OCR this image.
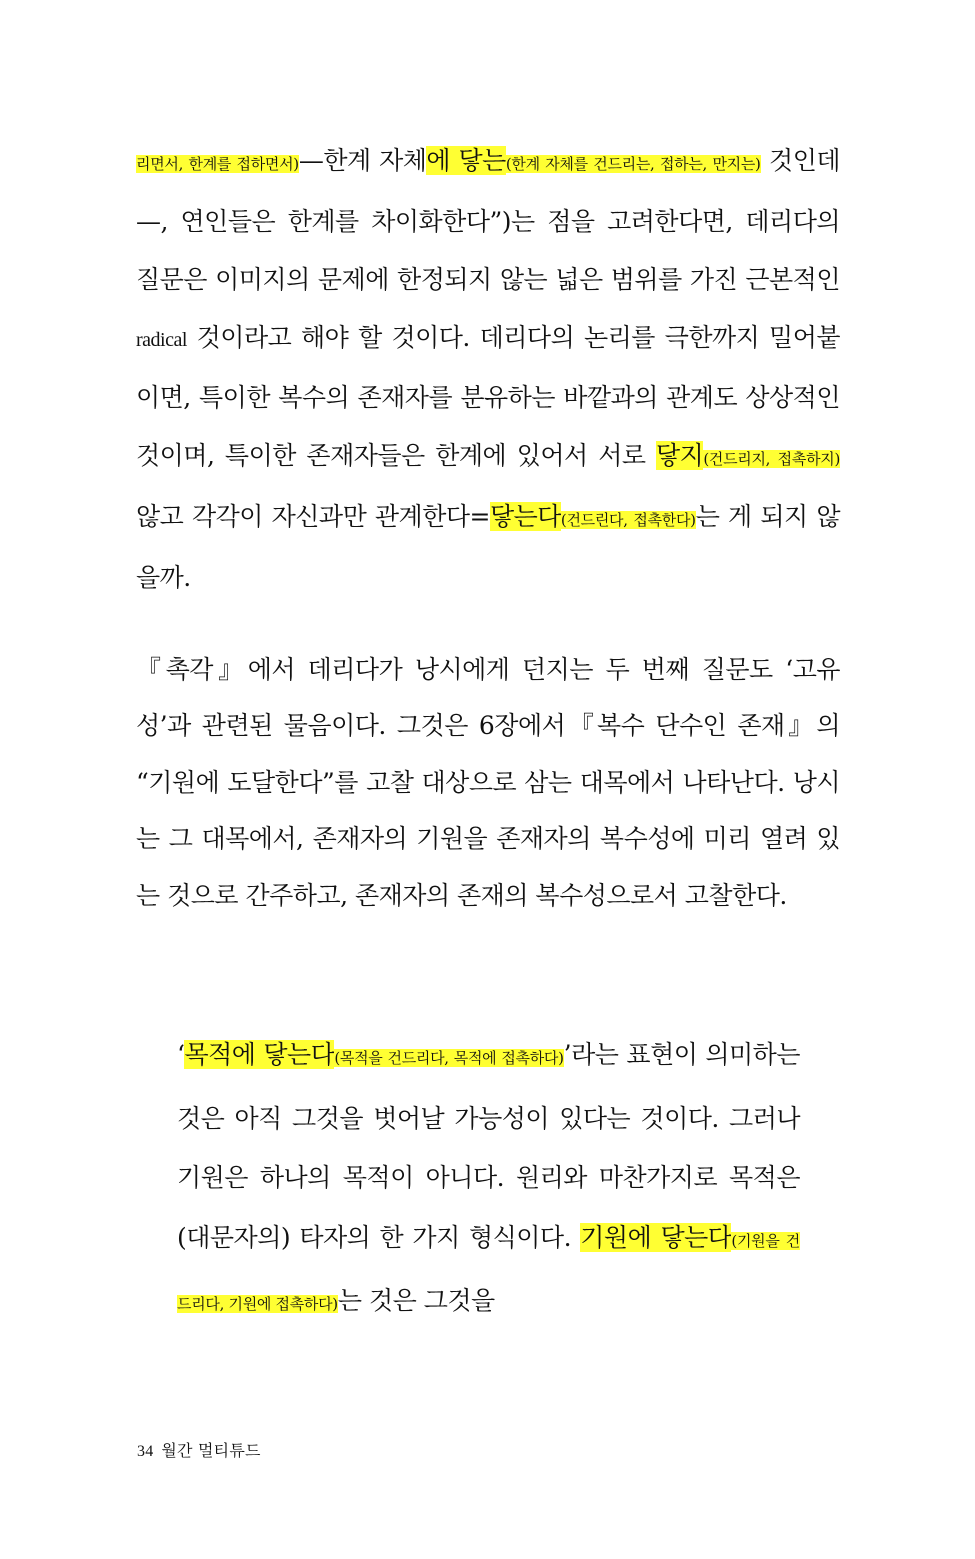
리면서, 한계를 접하면서)—한계 자체에 닿는(한계 자체를 건드리는, 접하는, 만지는) 것인데 —, 연인들은 한계를 차이화한다”)는 점을 고려한다면, 데리다의 질문은 이미지의 문제에 한정되지 않는 넓은 범위를 가진 근본적인radical 것이라고 해야 할 것이다. 데리다의 논리를 극한까지 밀어붙이면, 특이한 복수의 존재자를 분유하는 바깥과의 관계도 상상적인 것이며, 특이한 존재자들은 한계에 있어서 서로 닿지(건드리지, 접촉하지) 않고 각각이 자신과만 관계한다=닿는다(건드린다, 접촉한다)는 게 되지 않을까.

『촉각』에서 데리다가 낭시에게 던지는 두 번째 질문도 ‘고유성’과 관련된 물음이다. 그것은 6장에서『복수 단수인 존재』의 “기원에 도달한다”를 고찰 대상으로 삼는 대목에서 나타난다. 낭시는 그 대목에서, 존재자의 기원을 존재자의 복수성에 미리 열려 있는 것으로 간주하고, 존재자의 존재의 복수성으로서 고찰한다.

‘목적에 닿는다(목적을 건드리다, 목적에 접촉하다)’라는 표현이 의미하는 것은 아직 그것을 벗어날 가능성이 있다는 것이다. 그러나 기원은 하나의 목적이 아니다. 원리와 마찬가지로 목적은(대문자의) 타자의 한 가지 형식이다. 기원에 닿는다(기원을 건드리다, 기원에 접촉하다)는 것은 그것을

34 월간 멀티튜드
